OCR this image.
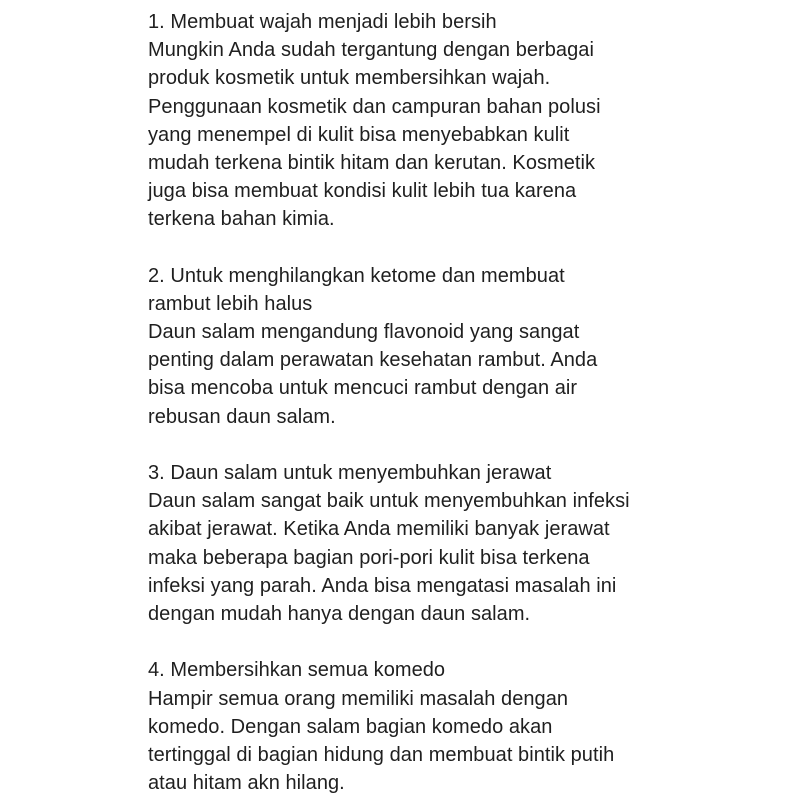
1. Membuat wajah menjadi lebih bersih
Mungkin Anda sudah tergantung dengan berbagai
produk kosmetik untuk membersihkan wajah.
Penggunaan kosmetik dan campuran bahan polusi
yang menempel di kulit bisa menyebabkan kulit
mudah terkena bintik hitam dan kerutan. Kosmetik
juga bisa membuat kondisi kulit lebih tua karena
terkena bahan kimia.
2. Untuk menghilangkan ketome dan membuat
rambut lebih halus
Daun salam mengandung flavonoid yang sangat
penting dalam perawatan kesehatan rambut. Anda
bisa mencoba untuk mencuci rambut dengan air
rebusan daun salam.
3. Daun salam untuk menyembuhkan jerawat
Daun salam sangat baik untuk menyembuhkan infeksi
akibat jerawat. Ketika Anda memiliki banyak jerawat
maka beberapa bagian pori-pori kulit bisa terkena
infeksi yang parah. Anda bisa mengatasi masalah ini
dengan mudah hanya dengan daun salam.
4. Membersihkan semua komedo
Hampir semua orang memiliki masalah dengan
komedo. Dengan salam bagian komedo akan
tertinggal di bagian hidung dan membuat bintik putih
atau hitam akn hilang.
